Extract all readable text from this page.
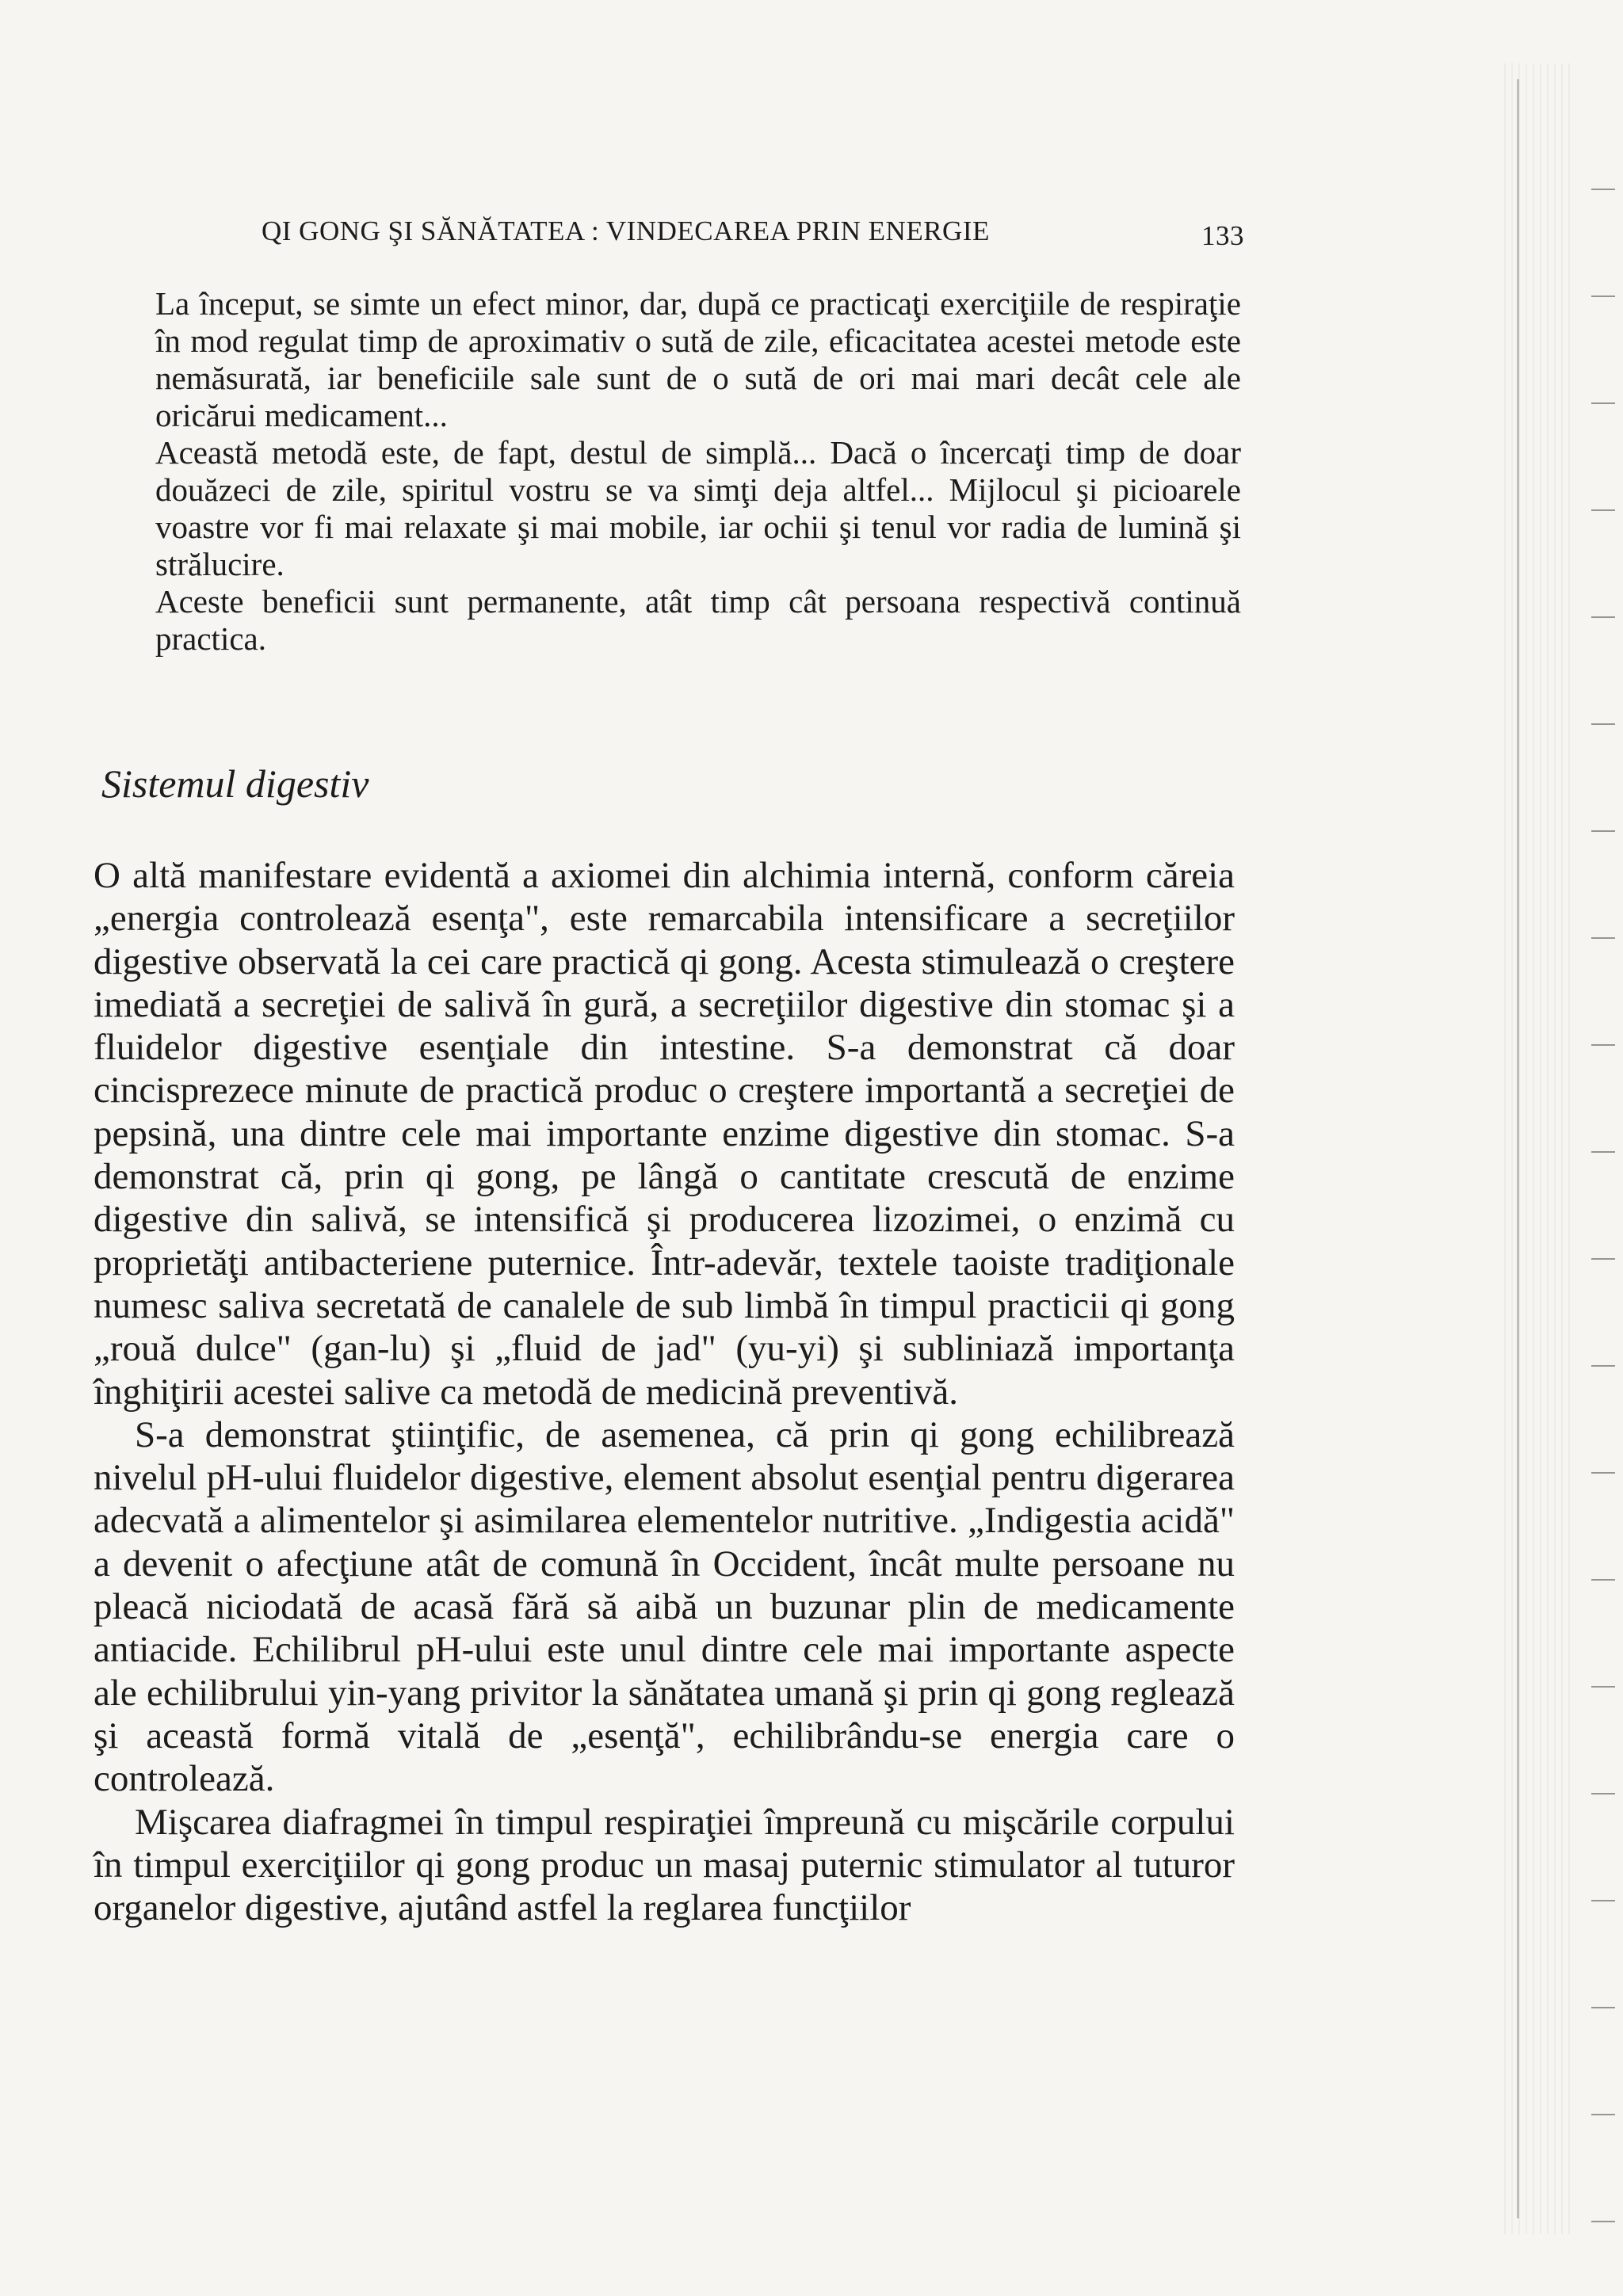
QI GONG ŞI SĂNĂTATEA : VINDECAREA PRIN ENERGIE	133

La început, se simte un efect minor, dar, după ce practicaţi exerciţiile de respiraţie în mod regulat timp de aproximativ o sută de zile, eficacitatea acestei metode este nemăsurată, iar beneficiile sale sunt de o sută de ori mai mari decât cele ale oricărui medicament...

Această metodă este, de fapt, destul de simplă... Dacă o încercaţi timp de doar douăzeci de zile, spiritul vostru se va simţi deja altfel... Mijlocul şi picioarele voastre vor fi mai relaxate şi mai mobile, iar ochii şi tenul vor radia de lumină şi strălucire.

Aceste beneficii sunt permanente, atât timp cât persoana respectivă continuă practica.

Sistemul digestiv

O altă manifestare evidentă a axiomei din alchimia internă, conform căreia „energia controlează esenţa", este remarcabila intensificare a secreţiilor digestive observată la cei care practică qi gong. Acesta stimulează o creştere imediată a secreţiei de salivă în gură, a secreţiilor digestive din stomac şi a fluidelor digestive esenţiale din intestine. S-a demonstrat că doar cincisprezece minute de practică produc o creştere importantă a secreţiei de pepsină, una dintre cele mai importante enzime digestive din stomac. S-a demonstrat că, prin qi gong, pe lângă o cantitate crescută de enzime digestive din salivă, se intensifică şi producerea lizozimei, o enzimă cu proprietăţi antibacteriene puternice. Într-adevăr, textele taoiste tradiţionale numesc saliva secretată de canalele de sub limbă în timpul practicii qi gong „rouă dulce" (gan-lu) şi „fluid de jad" (yu-yi) şi subliniază importanţa înghiţirii acestei salive ca metodă de medicină preventivă.

S-a demonstrat ştiinţific, de asemenea, că prin qi gong echilibrează nivelul pH-ului fluidelor digestive, element absolut esenţial pentru digerarea adecvată a alimentelor şi asimilarea elementelor nutritive. „Indigestia acidă" a devenit o afecţiune atât de comună în Occident, încât multe persoane nu pleacă niciodată de acasă fără să aibă un buzunar plin de medicamente antiacide. Echilibrul pH-ului este unul dintre cele mai importante aspecte ale echilibrului yin-yang privitor la sănătatea umană şi prin qi gong reglează şi această formă vitală de „esenţă", echilibrându-se energia care o controlează.

Mişcarea diafragmei în timpul respiraţiei împreună cu mişcările corpului în timpul exerciţiilor qi gong produc un masaj puternic stimulator al tuturor organelor digestive, ajutând astfel la reglarea funcţiilor
